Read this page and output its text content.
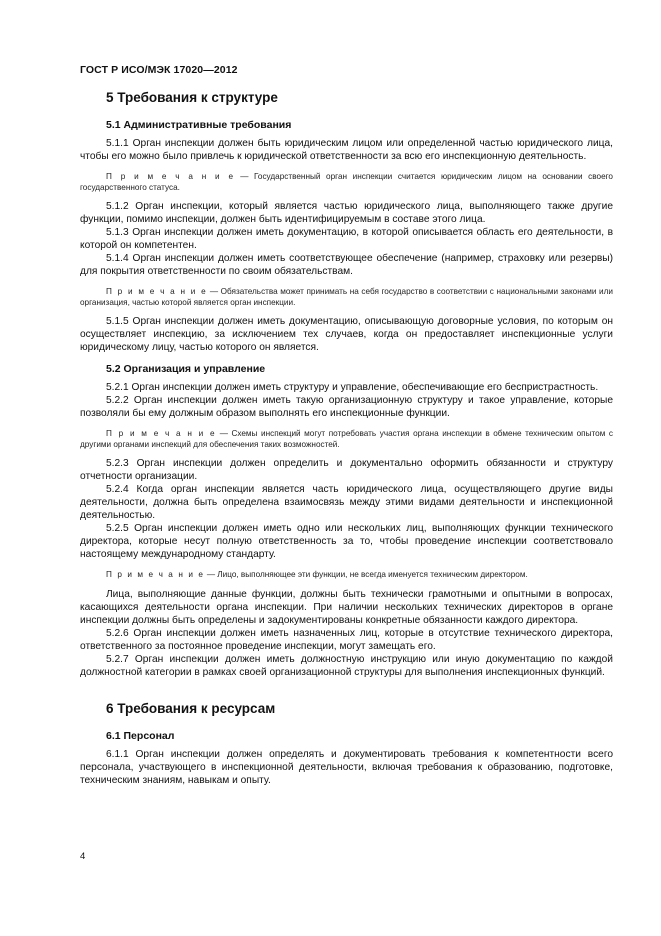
ГОСТ Р ИСО/МЭК 17020—2012
5 Требования к структуре
5.1 Административные требования

5.1.1 Орган инспекции должен быть юридическим лицом или определенной частью юридического лица, чтобы его можно было привлечь к юридической ответственности за всю его инспекционную деятельность.

П р и м е ч а н и е — Государственный орган инспекции считается юридическим лицом на основании своего государственного статуса.

5.1.2 Орган инспекции, который является частью юридического лица, выполняющего также другие функции, помимо инспекции, должен быть идентифицируемым в составе этого лица.

5.1.3 Орган инспекции должен иметь документацию, в которой описывается область его деятельности, в которой он компетентен.

5.1.4 Орган инспекции должен иметь соответствующее обеспечение (например, страховку или резервы) для покрытия ответственности по своим обязательствам.

П р и м е ч а н и е — Обязательства может принимать на себя государство в соответствии с национальными законами или организация, частью которой является орган инспекции.

5.1.5 Орган инспекции должен иметь документацию, описывающую договорные условия, по которым он осуществляет инспекцию, за исключением тех случаев, когда он предоставляет инспекционные услуги юридическому лицу, частью которого он является.

5.2 Организация и управление

5.2.1 Орган инспекции должен иметь структуру и управление, обеспечивающие его беспристрастность.

5.2.2 Орган инспекции должен иметь такую организационную структуру и такое управление, которые позволяли бы ему должным образом выполнять его инспекционные функции.

П р и м е ч а н и е — Схемы инспекций могут потребовать участия органа инспекции в обмене техническим опытом с другими органами инспекций для обеспечения таких возможностей.

5.2.3 Орган инспекции должен определить и документально оформить обязанности и структуру отчетности организации.

5.2.4 Когда орган инспекции является часть юридического лица, осуществляющего другие виды деятельности, должна быть определена взаимосвязь между этими видами деятельности и инспекционной деятельностью.

5.2.5 Орган инспекции должен иметь одно или нескольких лиц, выполняющих функции технического директора, которые несут полную ответственность за то, чтобы проведение инспекции соответствовало настоящему международному стандарту.

П р и м е ч а н и е — Лицо, выполняющее эти функции, не всегда именуется техническим директором.

Лица, выполняющие данные функции, должны быть технически грамотными и опытными в вопросах, касающихся деятельности органа инспекции. При наличии нескольких технических директоров в органе инспекции должны быть определены и задокументированы конкретные обязанности каждого директора.

5.2.6 Орган инспекции должен иметь назначенных лиц, которые в отсутствие технического директора, ответственного за постоянное проведение инспекции, могут замещать его.

5.2.7 Орган инспекции должен иметь должностную инструкцию или иную документацию по каждой должностной категории в рамках своей организационной структуры для выполнения инспекционных функций.

6 Требования к ресурсам
6.1 Персонал

6.1.1 Орган инспекции должен определять и документировать требования к компетентности всего персонала, участвующего в инспекционной деятельности, включая требования к образованию, подготовке, техническим знаниям, навыкам и опыту.

4
